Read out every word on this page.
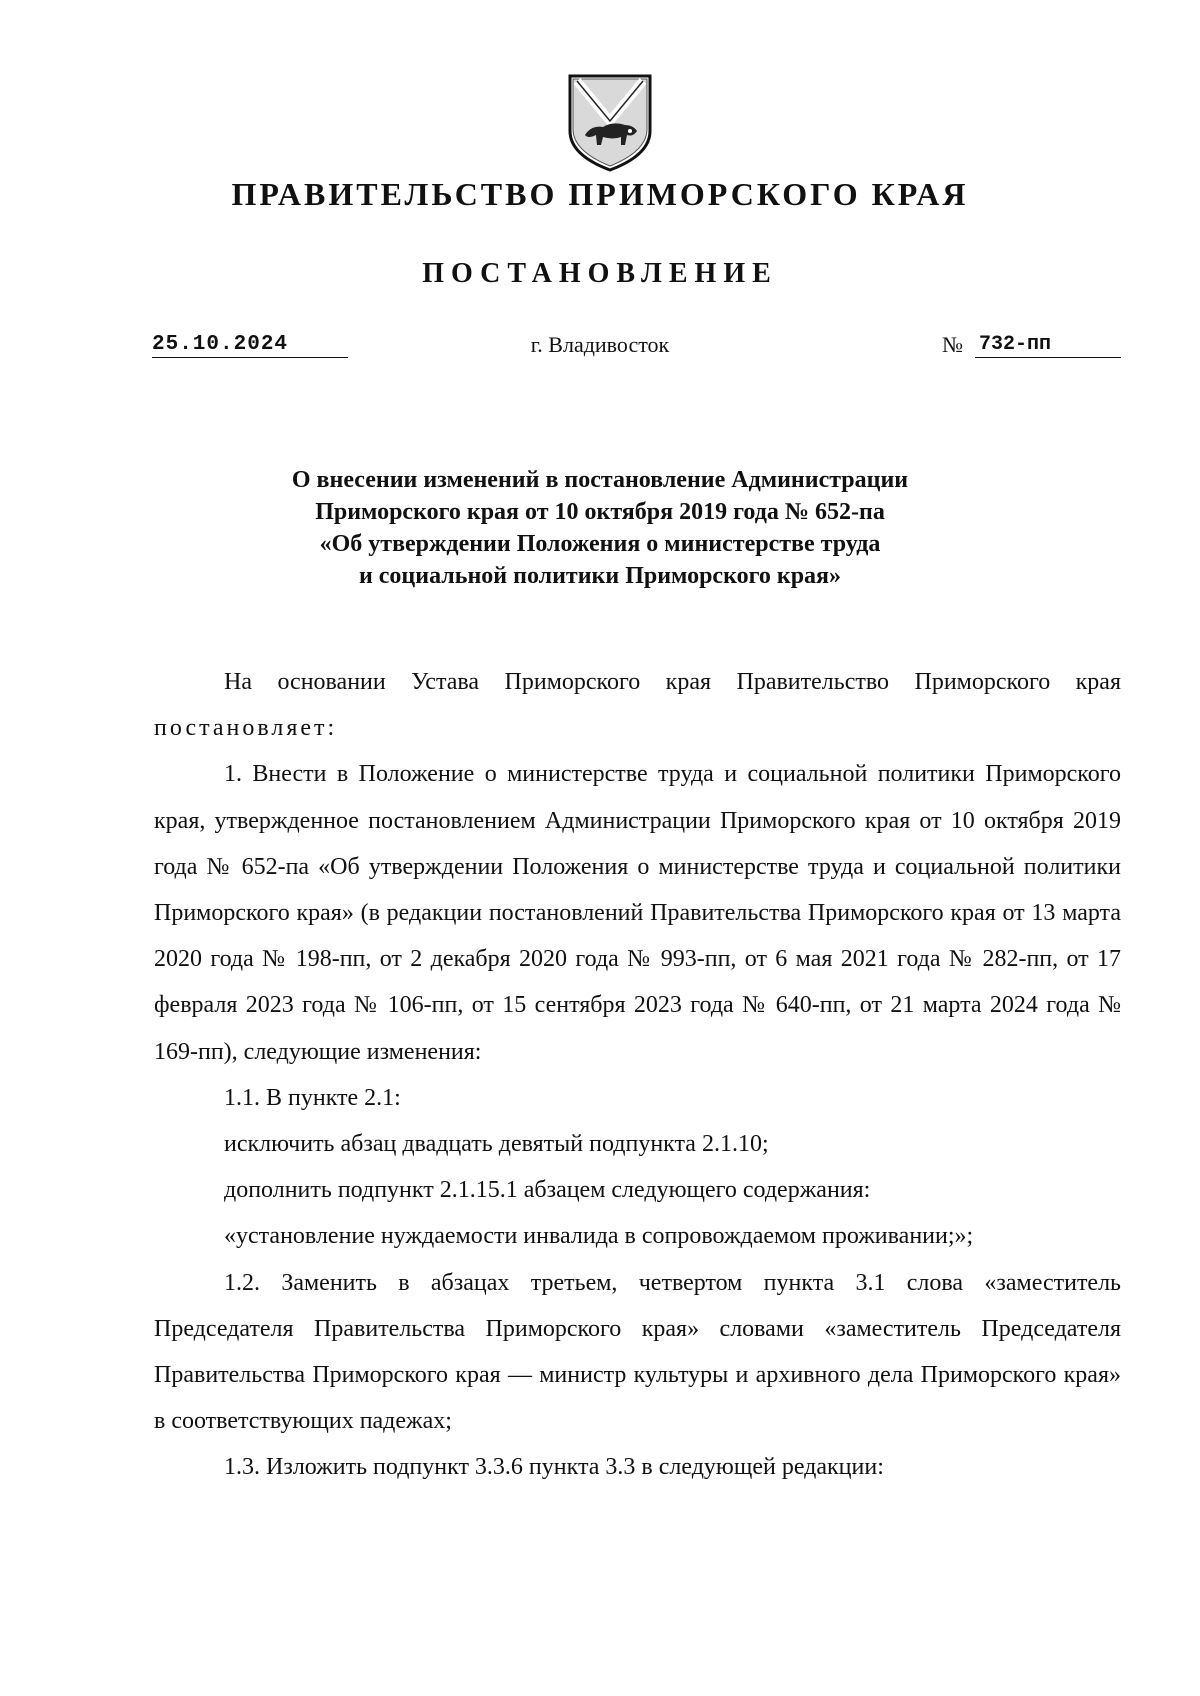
ПРАВИТЕЛЬСТВО ПРИМОРСКОГО КРАЯ
ПОСТАНОВЛЕНИЕ
25.10.2024	г. Владивосток	№ 732-пп
О внесении изменений в постановление Администрации
Приморского края от 10 октября 2019 года № 652-па
«Об утверждении Положения о министерстве труда
и социальной политики Приморского края»

На основании Устава Приморского края Правительство Приморского края постановляет:

1. Внести в Положение о министерстве труда и социальной политики Приморского края, утвержденное постановлением Администрации Приморского края от 10 октября 2019 года № 652-па «Об утверждении Положения о министерстве труда и социальной политики Приморского края» (в редакции постановлений Правительства Приморского края от 13 марта 2020 года № 198-пп, от 2 декабря 2020 года № 993-пп, от 6 мая 2021 года № 282-пп, от 17 февраля 2023 года № 106-пп, от 15 сентября 2023 года № 640-пп, от 21 марта 2024 года № 169-пп), следующие изменения:

1.1. В пункте 2.1:

исключить абзац двадцать девятый подпункта 2.1.10;

дополнить подпункт 2.1.15.1 абзацем следующего содержания:

«установление нуждаемости инвалида в сопровождаемом проживании;»;

1.2. Заменить в абзацах третьем, четвертом пункта 3.1 слова «заместитель Председателя Правительства Приморского края» словами «заместитель Председателя Правительства Приморского края — министр культуры и архивного дела Приморского края» в соответствующих падежах;

1.3. Изложить подпункт 3.3.6 пункта 3.3 в следующей редакции:
